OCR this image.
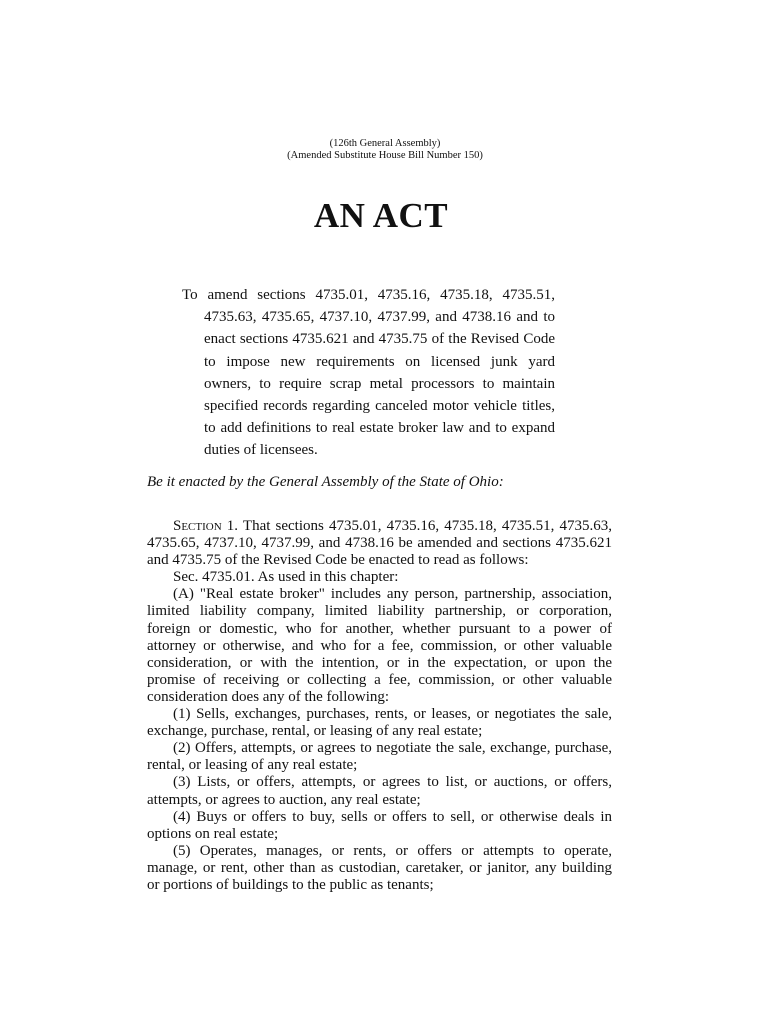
(126th General Assembly)
(Amended Substitute House Bill Number 150)
AN ACT
To amend sections 4735.01, 4735.16, 4735.18, 4735.51,
4735.63, 4735.65, 4737.10, 4737.99, and 4738.16 and to
enact sections 4735.621 and 4735.75 of the Revised Code
to impose new requirements on licensed junk yard
owners, to require scrap metal processors to maintain
specified records regarding canceled motor vehicle titles,
to add definitions to real estate broker law and to expand
duties of licensees.
Be it enacted by the General Assembly of the State of Ohio:
Section 1. That sections 4735.01, 4735.16, 4735.18, 4735.51, 4735.63,
4735.65, 4737.10, 4737.99, and 4738.16 be amended and sections 4735.621
and 4735.75 of the Revised Code be enacted to read as follows:
Sec. 4735.01. As used in this chapter:
(A) "Real estate broker" includes any person, partnership, association,
limited liability company, limited liability partnership, or corporation,
foreign or domestic, who for another, whether pursuant to a power of
attorney or otherwise, and who for a fee, commission, or other valuable
consideration, or with the intention, or in the expectation, or upon the
promise of receiving or collecting a fee, commission, or other valuable
consideration does any of the following:
(1) Sells, exchanges, purchases, rents, or leases, or negotiates the sale,
exchange, purchase, rental, or leasing of any real estate;
(2) Offers, attempts, or agrees to negotiate the sale, exchange, purchase,
rental, or leasing of any real estate;
(3) Lists, or offers, attempts, or agrees to list, or auctions, or offers,
attempts, or agrees to auction, any real estate;
(4) Buys or offers to buy, sells or offers to sell, or otherwise deals in
options on real estate;
(5) Operates, manages, or rents, or offers or attempts to operate,
manage, or rent, other than as custodian, caretaker, or janitor, any building
or portions of buildings to the public as tenants;
